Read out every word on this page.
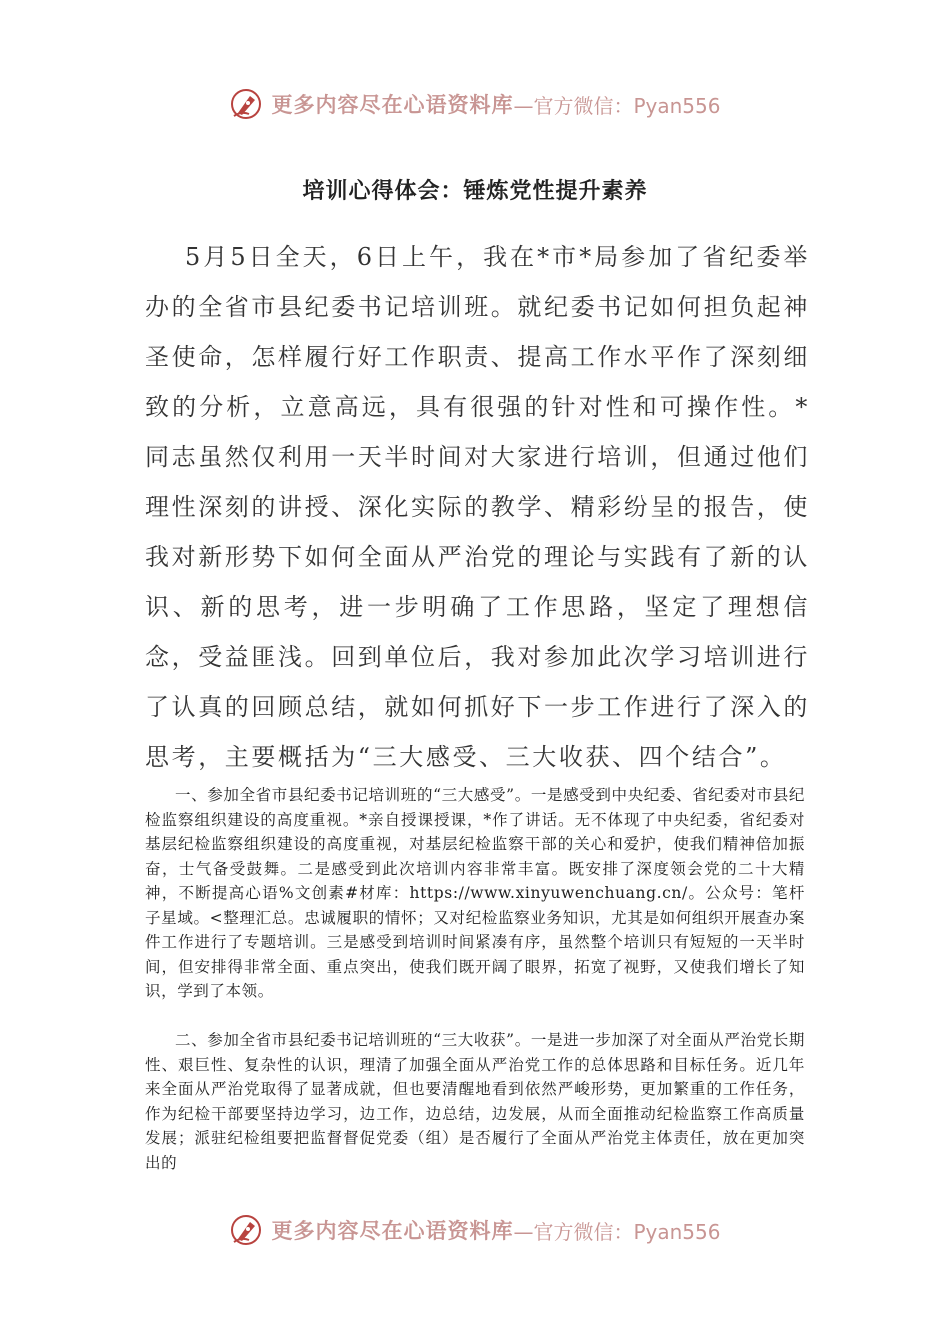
更多内容尽在心语资料库 —官方微信：Pyan556
培训心得体会：锤炼党性提升素养

5月5日全天，6日上午，我在*市*局参加了省纪委举办的全省市县纪委书记培训班。就纪委书记如何担负起神圣使命，怎样履行好工作职责、提高工作水平作了深刻细致的分析，立意高远，具有很强的针对性和可操作性。*同志虽然仅利用一天半时间对大家进行培训，但通过他们理性深刻的讲授、深化实际的教学、精彩纷呈的报告，使我对新形势下如何全面从严治党的理论与实践有了新的认识、新的思考，进一步明确了工作思路，坚定了理想信念，受益匪浅。回到单位后，我对参加此次学习培训进行了认真的回顾总结，就如何抓好下一步工作进行了深入的思考，主要概括为“三大感受、三大收获、四个结合”。

一、参加全省市县纪委书记培训班的“三大感受”。一是感受到中央纪委、省纪委对市县纪检监察组织建设的高度重视。*亲自授课授课，*作了讲话。无不体现了中央纪委，省纪委对基层纪检监察组织建设的高度重视，对基层纪检监察干部的关心和爱护，使我们精神倍加振奋，士气备受鼓舞。二是感受到此次培训内容非常丰富。既安排了深度领会党的二十大精神，不断提高心语%文创素#材库：https://www.xinyuwenchuang.cn/。公众号：笔杆子星域。<整理汇总。忠诚履职的情怀；又对纪检监察业务知识，尤其是如何组织开展查办案件工作进行了专题培训。三是感受到培训时间紧凑有序，虽然整个培训只有短短的一天半时间，但安排得非常全面、重点突出，使我们既开阔了眼界，拓宽了视野，又使我们增长了知识，学到了本领。

二、参加全省市县纪委书记培训班的“三大收获”。一是进一步加深了对全面从严治党长期性、艰巨性、复杂性的认识，理清了加强全面从严治党工作的总体思路和目标任务。近几年来全面从严治党取得了显著成就，但也要清醒地看到依然严峻形势，更加繁重的工作任务，作为纪检干部要坚持边学习，边工作，边总结，边发展，从而全面推动纪检监察工作高质量发展；派驻纪检组要把监督督促党委（组）是否履行了全面从严治党主体责任，放在更加突出的

更多内容尽在心语资料库 —官方微信：Pyan556
